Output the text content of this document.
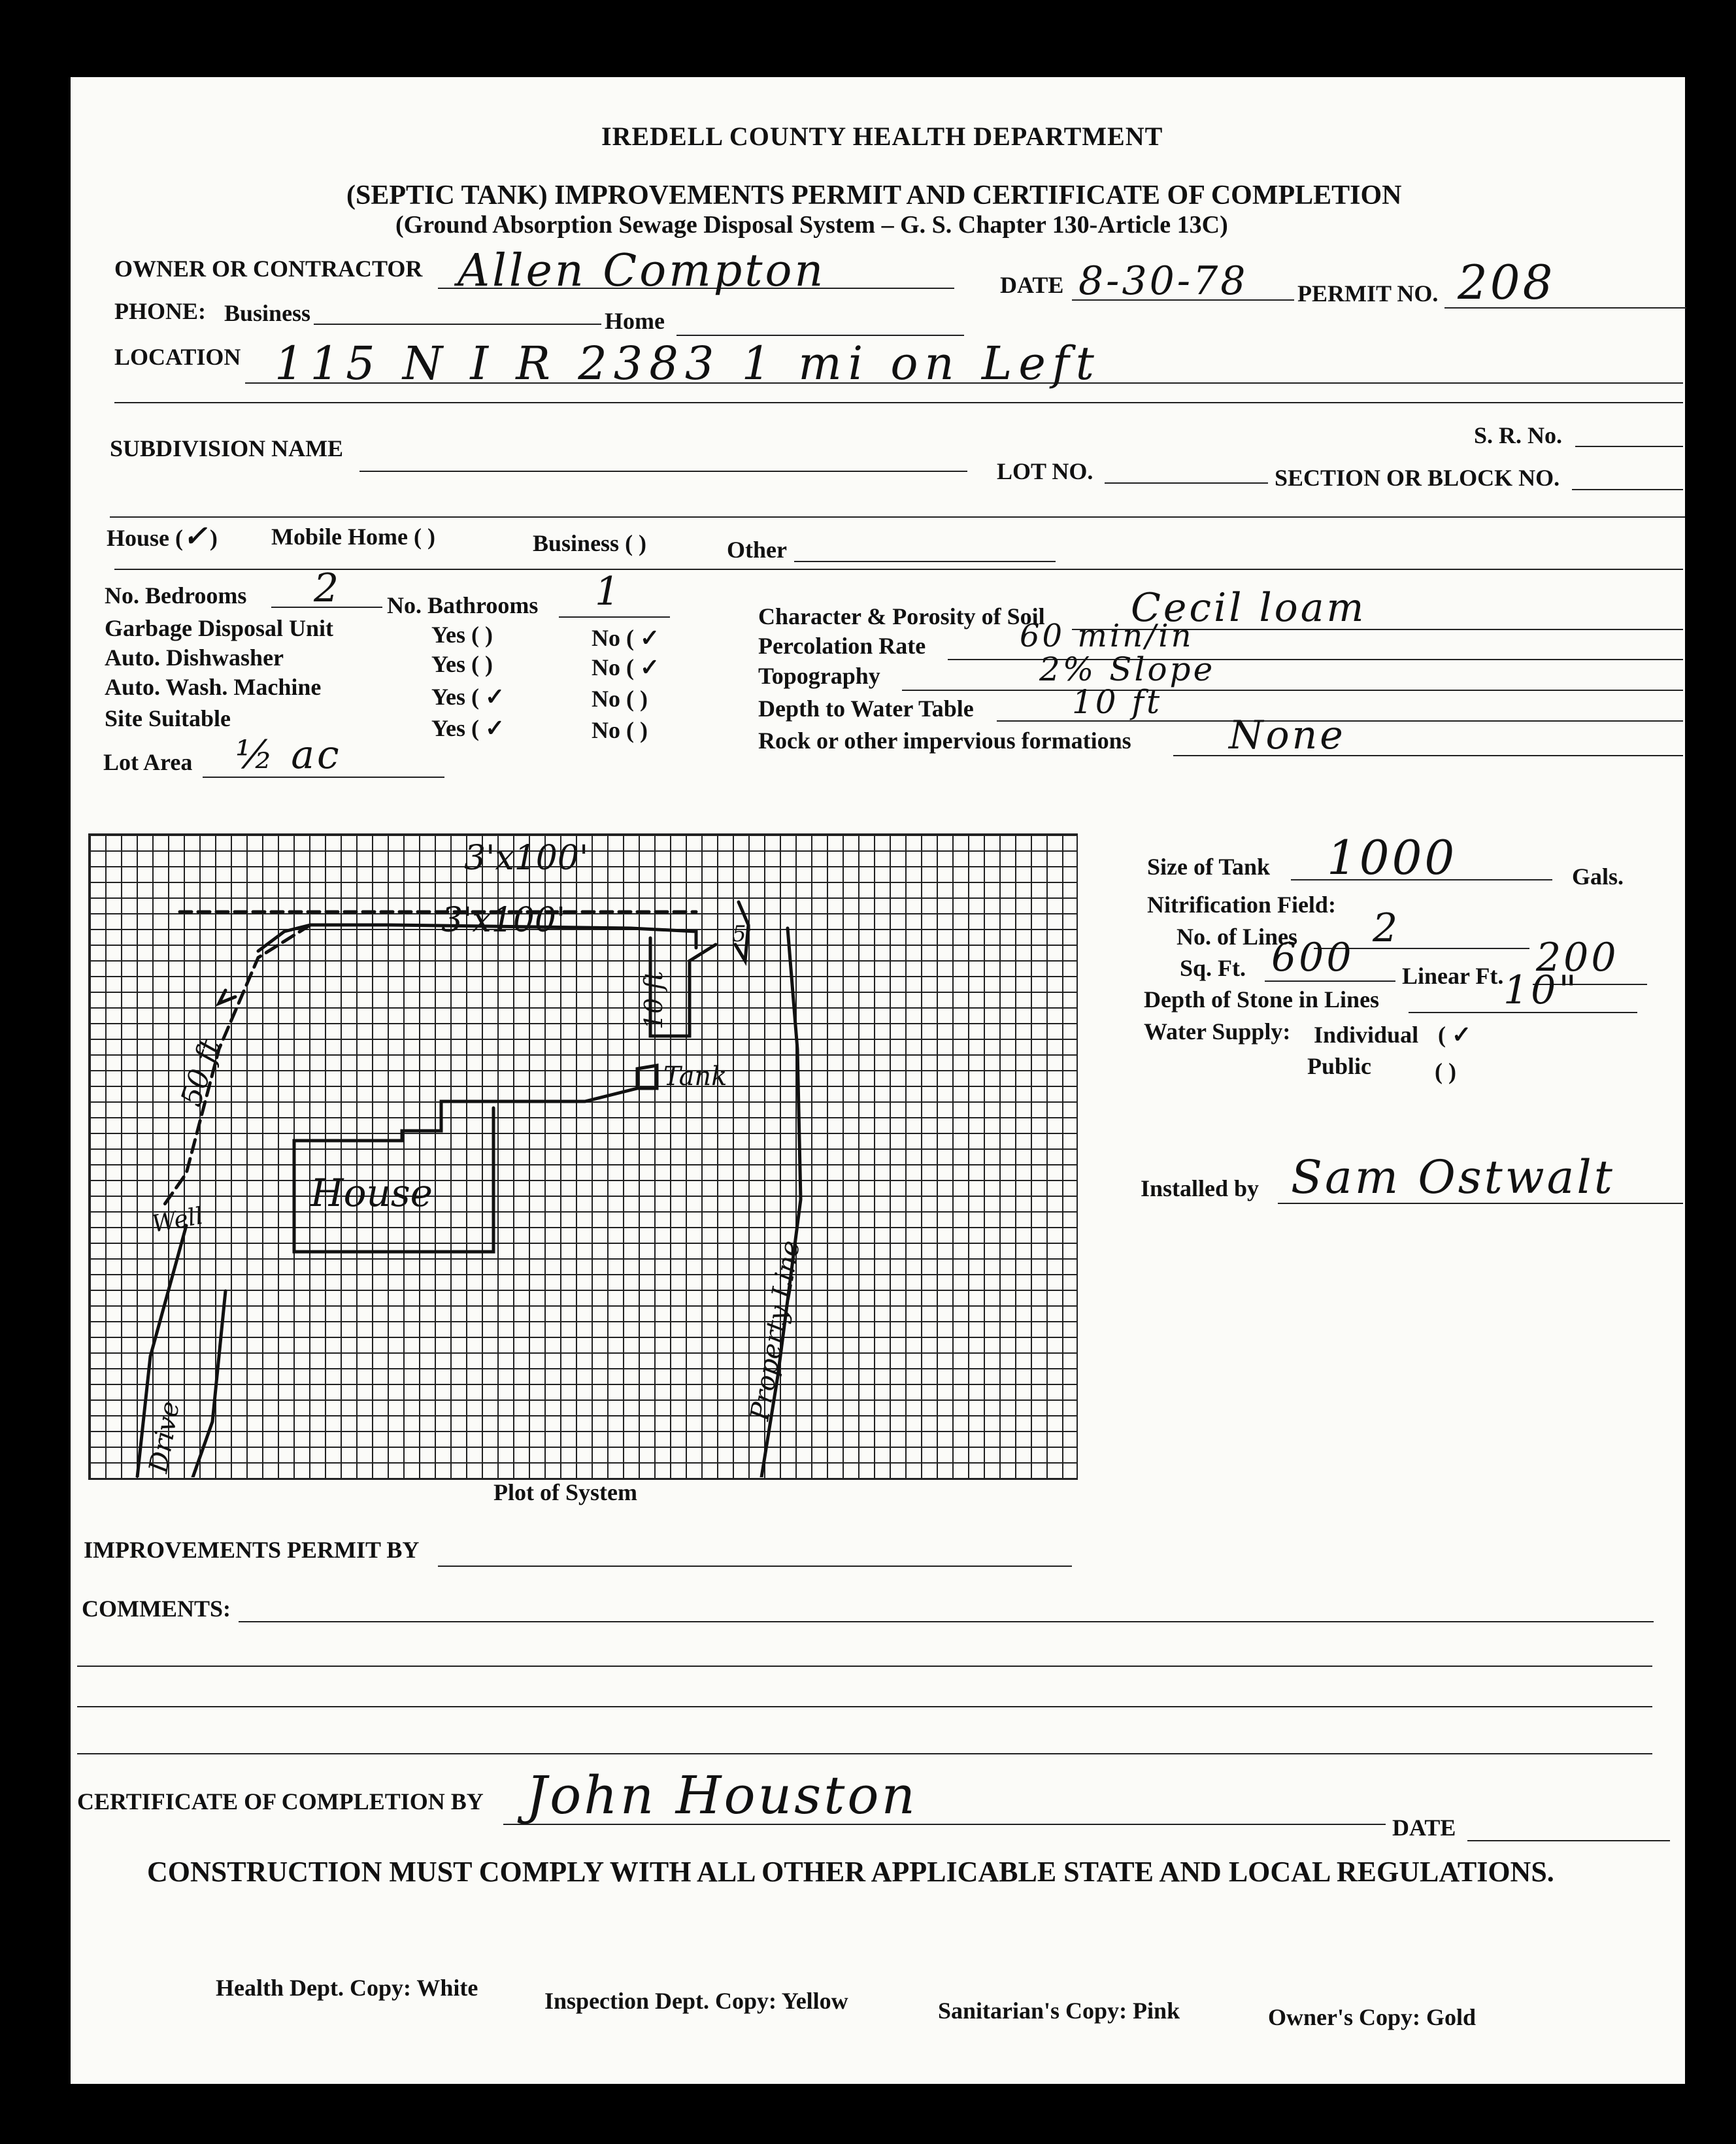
IREDELL COUNTY HEALTH DEPARTMENT
(SEPTIC TANK) IMPROVEMENTS PERMIT AND CERTIFICATE OF COMPLETION
(Ground Absorption Sewage Disposal System – G. S. Chapter 130-Article 13C)
OWNER OR CONTRACTOR Allen Compton	DATE 8-30-78 PERMIT NO. 208
PHONE: Business	Home
LOCATION 115 N I R 2383 1 mi on Left
S. R. No.
SUBDIVISION NAME
LOT NO.	SECTION OR BLOCK NO.
House (✓) Mobile Home ( )	Business ( )	Other
No. Bedrooms 2 No. Bathrooms 1
Garbage Disposal Unit	Yes ( )	No ( ✓
Auto. Dishwasher	Yes ( )	No ( ✓
Auto. Wash. Machine	Yes ( ✓	No ( )
Site Suitable	Yes ( ✓	No ( )
Lot Area ½ ac
Character & Porosity of Soil Cecil loam
Percolation Rate	60 min/in
Topography	2% Slope
Depth to Water Table	10 ft
Rock or other impervious formations None
3'x100'
3'x100'
House
Tank
50 ft
Well
Drive
Property Line
10 ft
5'
Plot of System
Size of Tank 1000	Gals.
Nitrification Field:
No. of Lines 2
Sq. Ft. 600 Linear Ft. 200
Depth of Stone in Lines	10"
Water Supply: Individual ( ✓
Public	( )
Installed by Sam Ostwalt
IMPROVEMENTS PERMIT BY
COMMENTS:
CERTIFICATE OF COMPLETION BY John Houston
DATE
CONSTRUCTION MUST COMPLY WITH ALL OTHER APPLICABLE STATE AND LOCAL REGULATIONS.
Health Dept. Copy: White	Inspection Dept. Copy: Yellow	Sanitarian's Copy: Pink	Owner's Copy: Gold
